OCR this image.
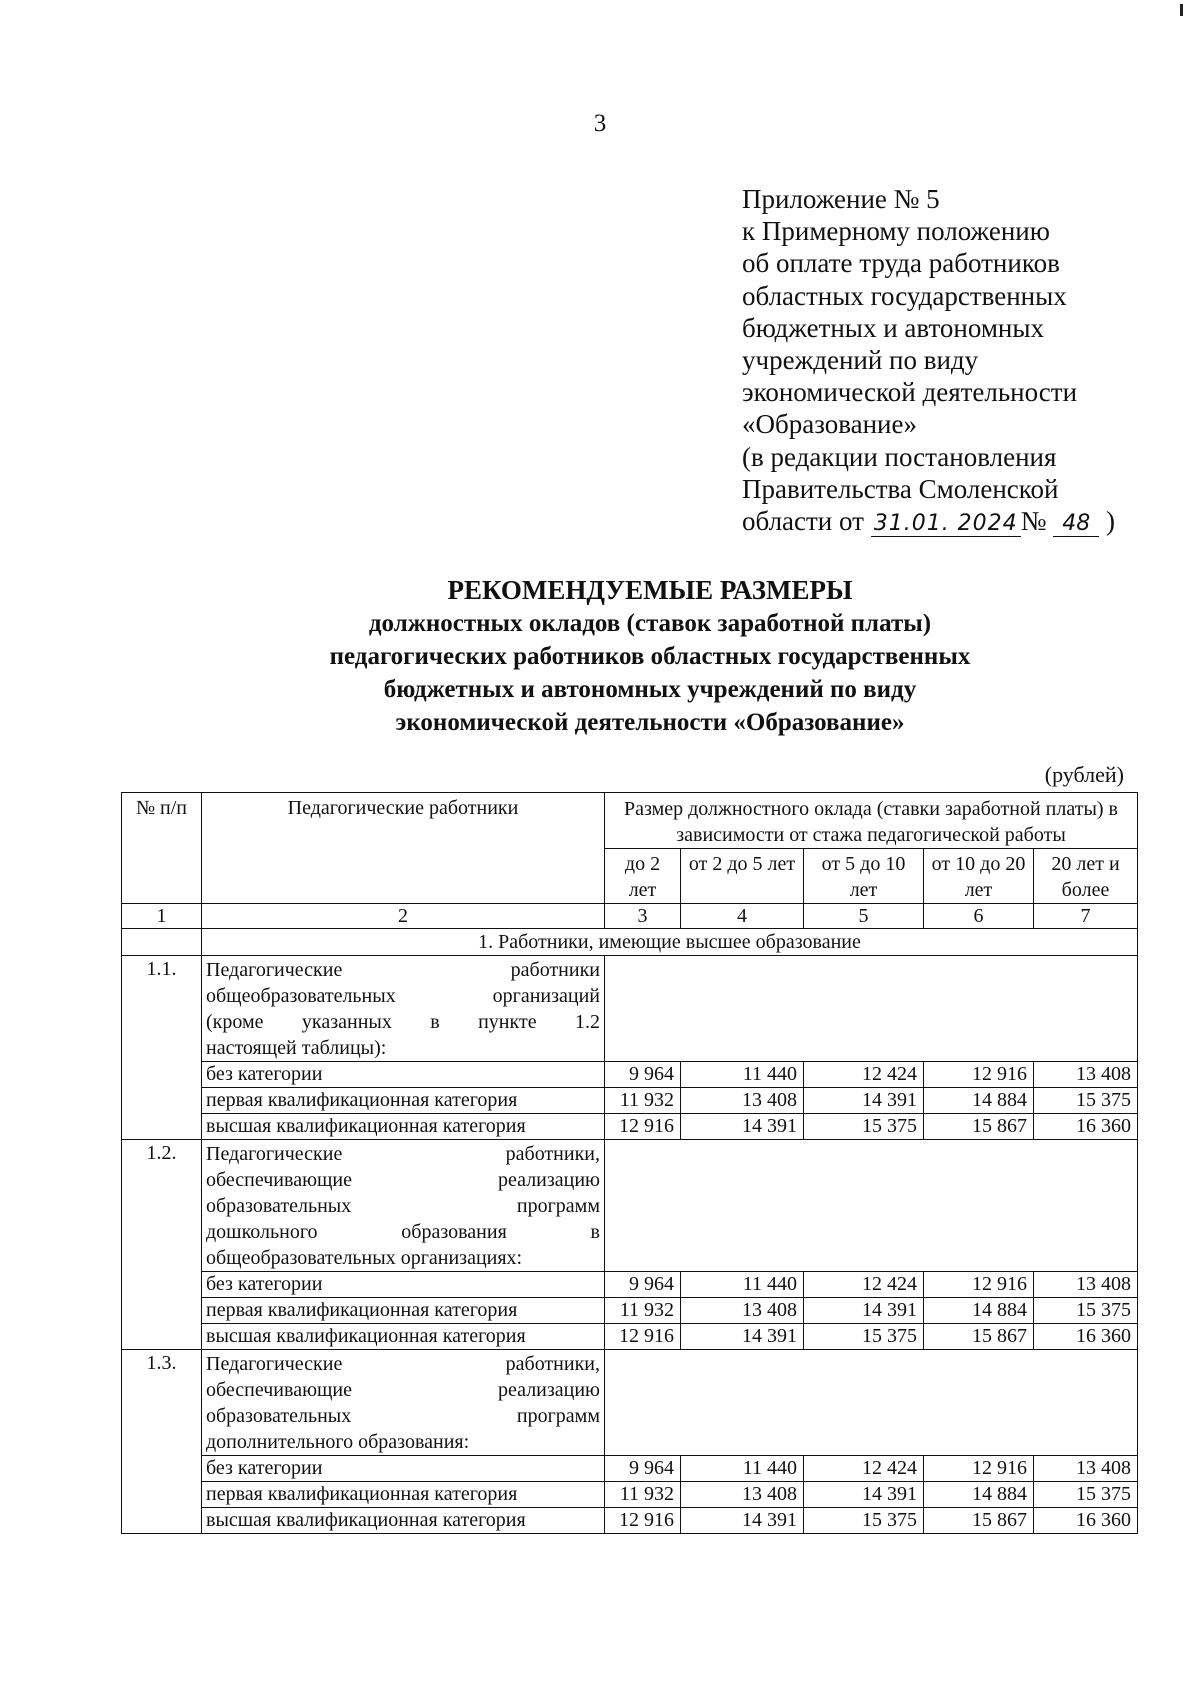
3
Приложение № 5
к Примерному положению
об оплате труда работников
областных государственных
бюджетных и автономных
учреждений по виду
экономической деятельности
«Образование»
(в редакции постановления
Правительства Смоленской
области от 31.01. 2024 № 48 )
РЕКОМЕНДУЕМЫЕ РАЗМЕРЫ
должностных окладов (ставок заработной платы)
педагогических работников областных государственных
бюджетных и автономных учреждений по виду
экономической деятельности «Образование»
(рублей)
№ п/п	Педагогические работники	Размер должностного оклада (ставки заработной платы) в зависимости от стажа педагогической работы				
		до 2 лет	от 2 до 5 лет	от 5 до 10 лет	от 10 до 20 лет	20 лет и более
1	2	3	4	5	6	7
	1. Работники, имеющие высшее образование					
1.1.	Педагогические работники
общеобразовательных организаций
(кроме указанных в пункте 1.2
настоящей таблицы):					

	без категории	9 964	11 440	12 424	12 916	13 408
	первая квалификационная категория	11 932	13 408	14 391	14 884	15 375
	высшая квалификационная категория	12 916	14 391	15 375	15 867	16 360
1.2.	Педагогические работники,
обеспечивающие реализацию
образовательных программ
дошкольного образования в
общеобразовательных организациях:					

	без категории	9 964	11 440	12 424	12 916	13 408
	первая квалификационная категория	11 932	13 408	14 391	14 884	15 375
	высшая квалификационная категория	12 916	14 391	15 375	15 867	16 360
1.3.	Педагогические работники,
обеспечивающие реализацию
образовательных программ
дополнительного образования:					

	без категории	9 964	11 440	12 424	12 916	13 408
	первая квалификационная категория	11 932	13 408	14 391	14 884	15 375
	высшая квалификационная категория	12 916	14 391	15 375	15 867	16 360
